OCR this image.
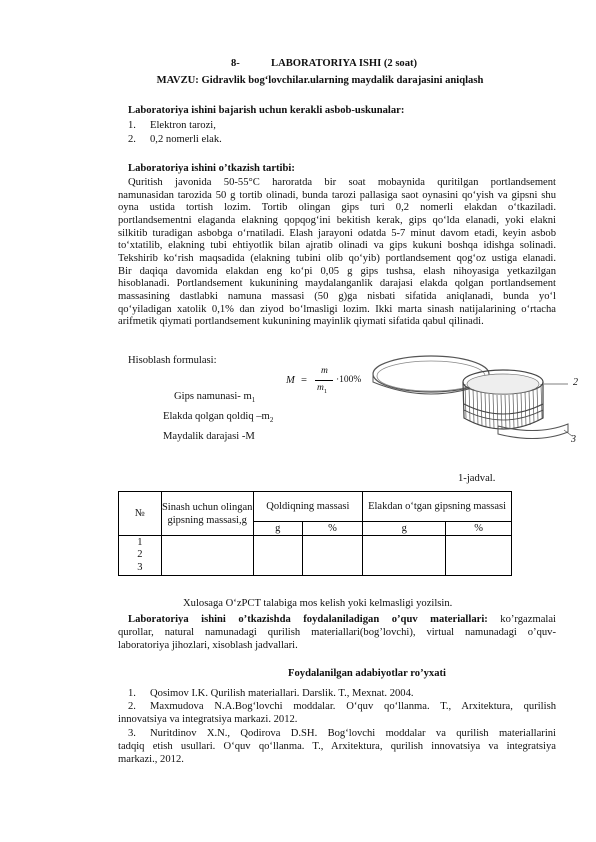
8-	LABORATORIYA ISHI (2 soat)
MAVZU: Gidravlik bog‘lovchilar.ularning maydalik darajasini aniqlash
Laboratoriya ishini bajarish uchun kerakli asbob-uskunalar:
1. Elektron tarozi,
2. 0,2 nomerli elak.
Laboratoriya ishini o’tkazish tartibi:
Quritish javonida 50-55°C haroratda bir soat mobaynida quritilgan portlandsement
namunasidan tarozida 50 g tortib olinadi, bunda tarozi pallasiga saot oynasini qo‘yish va gipsni shu
oyna ustida tortish lozim. Tortib olingan gips turi 0,2 nomerli elakdan o‘tkaziladi.
portlandsementni elaganda elakning qopqog‘ini bekitish kerak, gips qo‘lda elanadi, yoki elakni
silkitib turadigan asbobga o‘rnatiladi. Elash jarayoni odatda 5-7 minut davom etadi, keyin asbob
to‘xtatilib, elakning tubi ehtiyotlik bilan ajratib olinadi va gips kukuni boshqa idishga solinadi.
Tekshirib ko‘rish maqsadida (elakning tubini olib qo‘yib) portlandsement qog‘oz ustiga elanadi.
Bir daqiqa davomida elakdan eng ko‘pi 0,05 g gips tushsa, elash nihoyasiga yetkazilgan
hisoblanadi. Portlandsement kukunining maydalanganlik darajasi elakda qolgan portlandsement
massasining dastlabki namuna massasi (50 g)ga nisbati sifatida aniqlanadi, bunda yo‘l
qo‘yiladigan xatolik 0,1% dan ziyod bo‘lmasligi lozim. Ikki marta sinash natijalarining o‘rtacha
arifmetik qiymati portlandsement kukunining mayinlik qiymati sifatida qabul qilinadi.
Hisoblash formulasi:
M =
m
$m_1$
·100%
Gips namunasi- $m_1$
Elakda qolgan qoldiq $-m_2$
Maydalik darajasi -M
2
3
1-jadval.
№	Sinash uchun olingan gipsning massasi,g	Qoldiqning massasi		Elakdan o‘tgan gipsning massasi	
		g	%	g	%

1
2
3					

Xulosaga O‘zPCT talabiga mos kelish yoki kelmasligi yozilsin.
Laboratoriya ishini o’tkazishda foydalaniladigan o’quv materiallari: ko’rgazmalai
qurollar, natural namunadagi qurilish materiallari(bog’lovchi), virtual namunadagi o’quv-
laboratoriya jihozlari, xisoblash jadvallari.
Foydalanilgan adabiyotlar ro’yxati
1. Qosimov I.K. Qurilish materiallari. Darslik. T., Mexnat. 2004.
2. Maxmudova N.A.Bog‘lovchi moddalar. O‘quv qo‘llanma. T., Arxitektura, qurilish
innovatsiya va integratsiya markazi. 2012.
3. Nuritdinov X.N., Qodirova D.SH. Bog‘lovchi moddalar va qurilish materiallarini
tadqiq etish usullari. O‘quv qo‘llanma. T., Arxitektura, qurilish innovatsiya va integratsiya
markazi., 2012.
